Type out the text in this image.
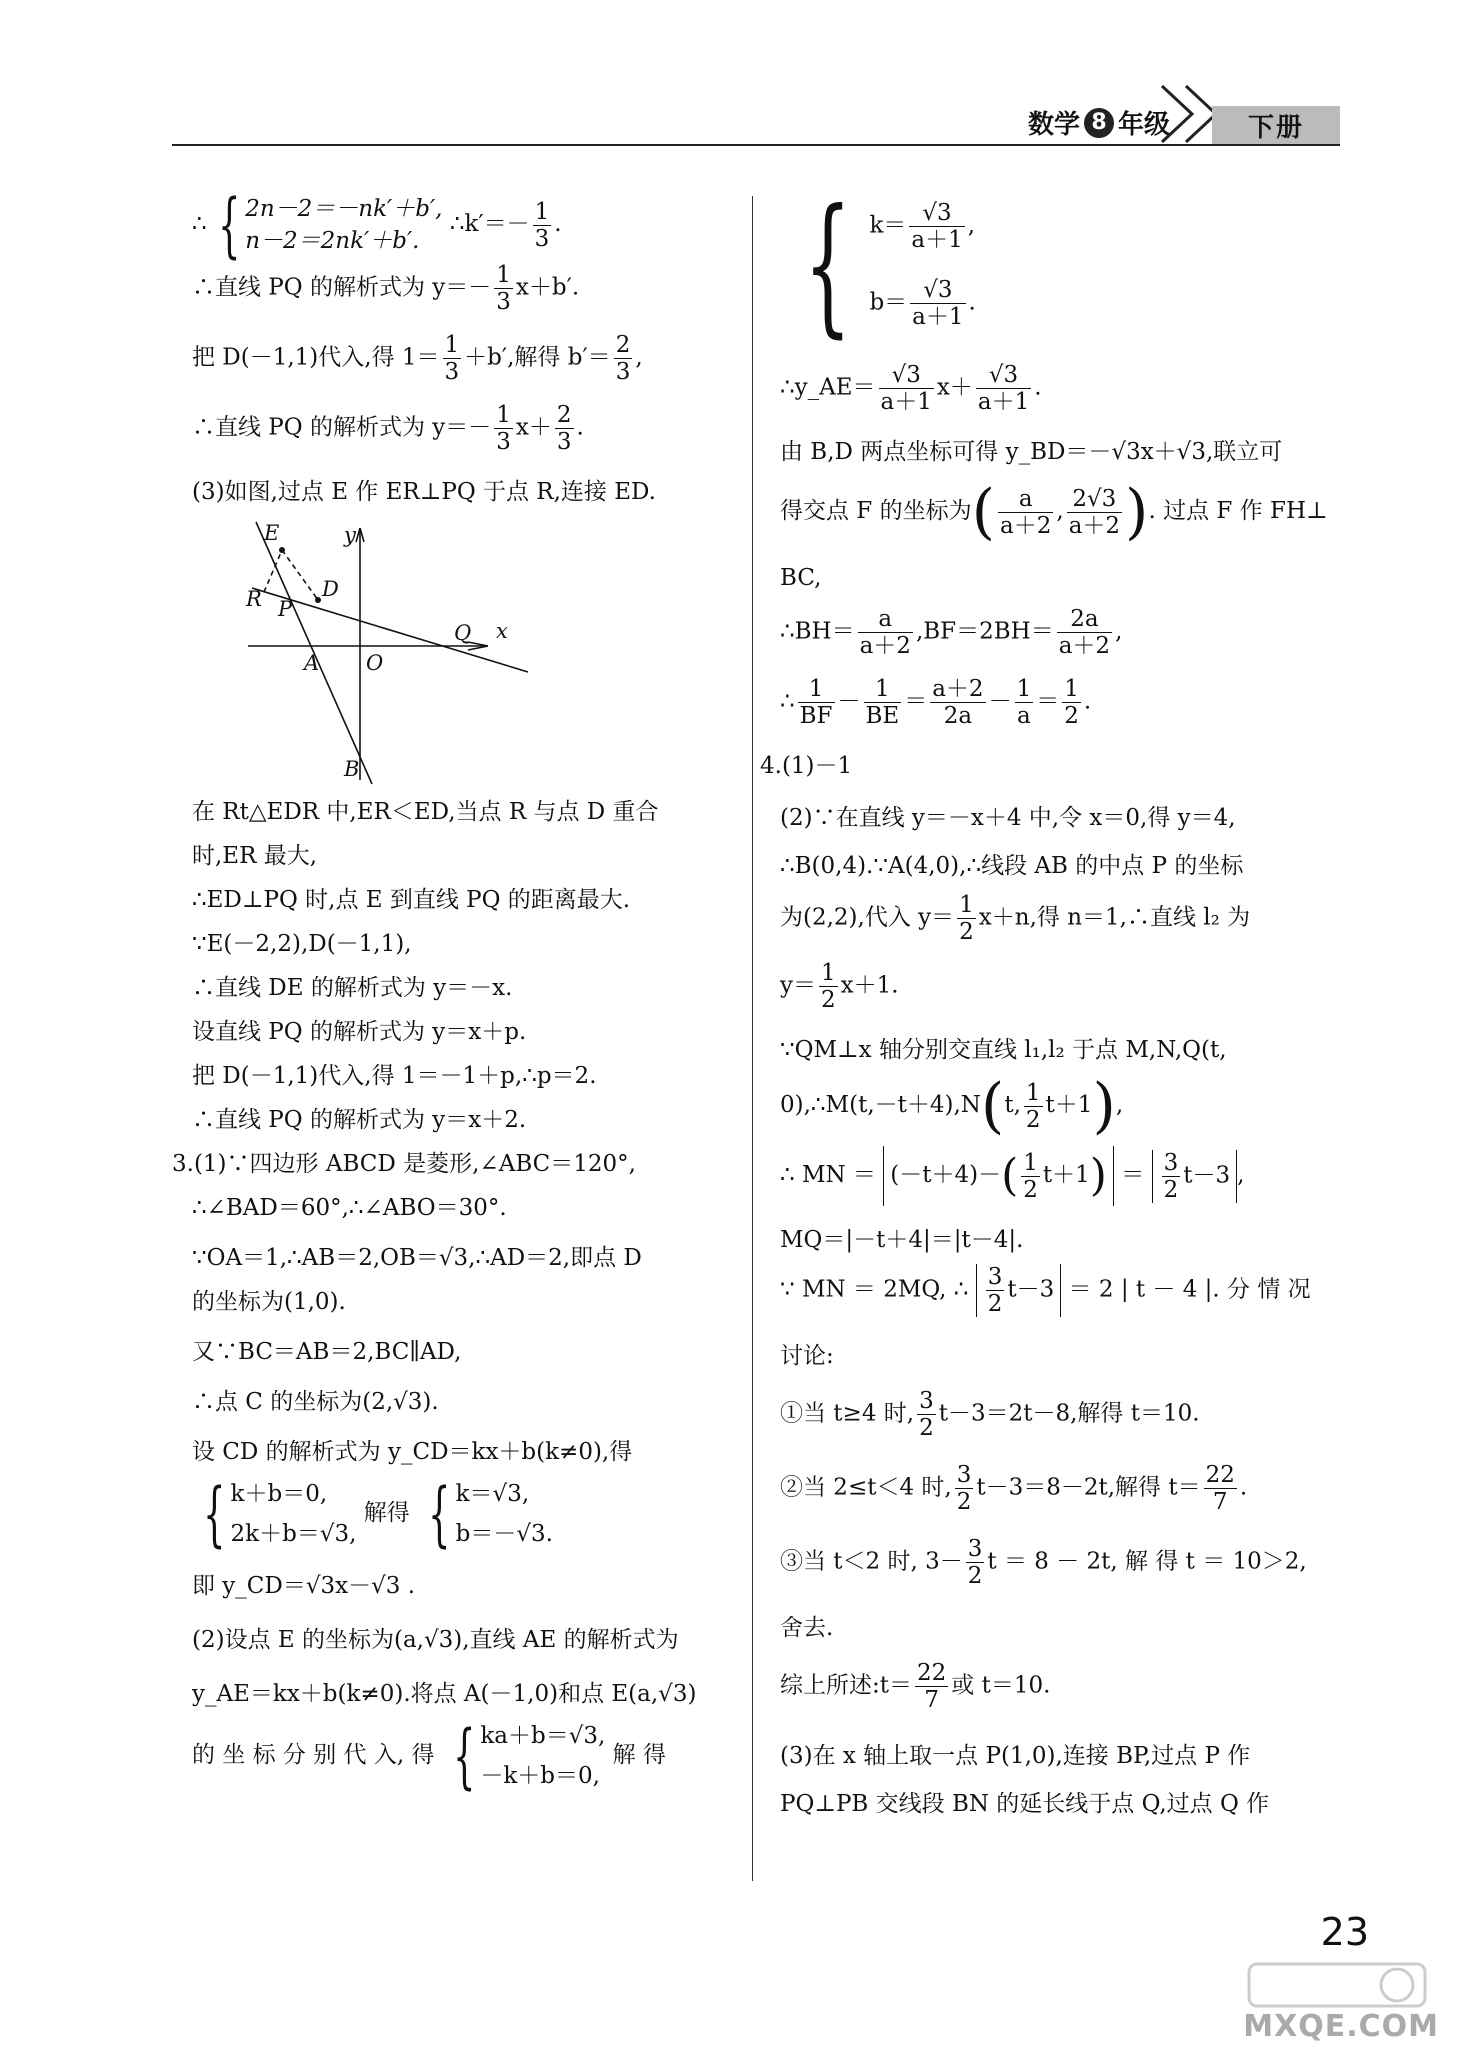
数学 8 年级	下册
∴ { 2n－2＝－nk′＋b′,
n－2＝2nk′＋b′.
∴k′＝－ $\frac{1}{3}$ .
∴直线 PQ 的解析式为 $y=- \frac{1}{3} x+b'$.
把 D(－1,1)代入,得 $1= \frac{1}{3} +b'$,解得 $b'= \frac{2}{3}$ ,
∴直线 PQ 的解析式为 $y=- \frac{1}{3} x+ \frac{2}{3}$ .
(3)如图,过点 E 作 ER⊥PQ 于点 R,连接 ED.
E	y
D
R P
Q x
A O
B
在 Rt△EDR 中,ER＜ED,当点 R 与点 D 重合
时,ER 最大,
∴ED⊥PQ 时,点 E 到直线 PQ 的距离最大.
∵E(－2,2),D(－1,1),
∴直线 DE 的解析式为 y＝－x.
设直线 PQ 的解析式为 y＝x＋p.
把 D(－1,1)代入,得 1＝－1＋p,∴p＝2.
∴直线 PQ 的解析式为 y＝x＋2.
3.(1)∵四边形 ABCD 是菱形,∠ABC＝120°,
∴∠BAD＝60°,∴∠ABO＝30°.
∵OA＝1,∴AB＝2,OB＝√3,∴AD＝2,即点 D
的坐标为(1,0).
又∵BC＝AB＝2,BC∥AD,
∴点 C 的坐标为(2,√3).
设 CD 的解析式为 y_CD＝kx＋b(k≠0),得
{ k＋b＝0,
2k＋b＝√3,
解得 { k＝√3,
b＝－√3.
即 y_CD＝√3x－√3 .
(2)设点 E 的坐标为(a,√3),直线 AE 的解析式为
y_AE＝kx＋b(k≠0).将点 A(－1,0)和点 E(a,√3)
的 坐 标 分 别 代 入, 得 { ka＋b＝√3,
－k＋b＝0,
解 得
{ $k= \frac{√3}{a+1}$ ,
$b= \frac{√3}{a+1}$ .
∴y_AE＝ $\frac{√3}{a+1} x+ \frac{√3}{a+1}$ .
由 B,D 两点坐标可得 y_BD＝－√3x＋√3,联立可
得交点 F 的坐标为( $\frac{a}{a+2}$ , $\frac{2√3}{a+2}$ ). 过点 F 作 FH⊥
BC,
∴BH＝ $\frac{a}{a+2} ,BF=2BH= \frac{2a}{a+2}$ ,
∴ $\frac{1}{BF} - \frac{1}{BE} = \frac{a+2}{2a} - \frac{1}{a} = \frac{1}{2}$ .
4.(1)－1
(2)∵在直线 y＝－x＋4 中,令 x＝0,得 y＝4,
∴B(0,4).∵A(4,0),∴线段 AB 的中点 P 的坐标
为(2,2),代入 $y= \frac{1}{2} x+n$,得 n＝1,∴直线 l₂ 为
$y= \frac{1}{2} x+1$.
∵QM⊥x 轴分别交直线 l₁,l₂ 于点 M,N,Q(t,
0),∴M(t,－t＋4),N(t, $\frac{1}{2} t+1$),
∴ MN ＝ $(-t+4)-( \frac{1}{2} t+1) = \frac{3}{2} t-3$ ,
MQ＝|－t＋4|＝|t－4|.
∵ MN ＝ 2MQ, ∴ $\frac{3}{2} t-3 = 2$ | t － 4 |. 分 情 况
讨论:
①当 t≥4 时, $\frac{3}{2} t-3=2t-8$,解得 t＝10.
②当 2≤t＜4 时, $\frac{3}{2} t-3=8-2t$,解得 $t= \frac{22}{7}$ .
③当 t＜2 时, $3- \frac{3}{2}$ t ＝ 8 － 2t, 解 得 t ＝ 10＞2,
舍去.
综上所述:t＝ $\frac{22}{7}$ 或 t＝10.
(3)在 x 轴上取一点 P(1,0),连接 BP,过点 P 作
PQ⊥PB 交线段 BN 的延长线于点 Q,过点 Q 作
23
MXQE.COM
